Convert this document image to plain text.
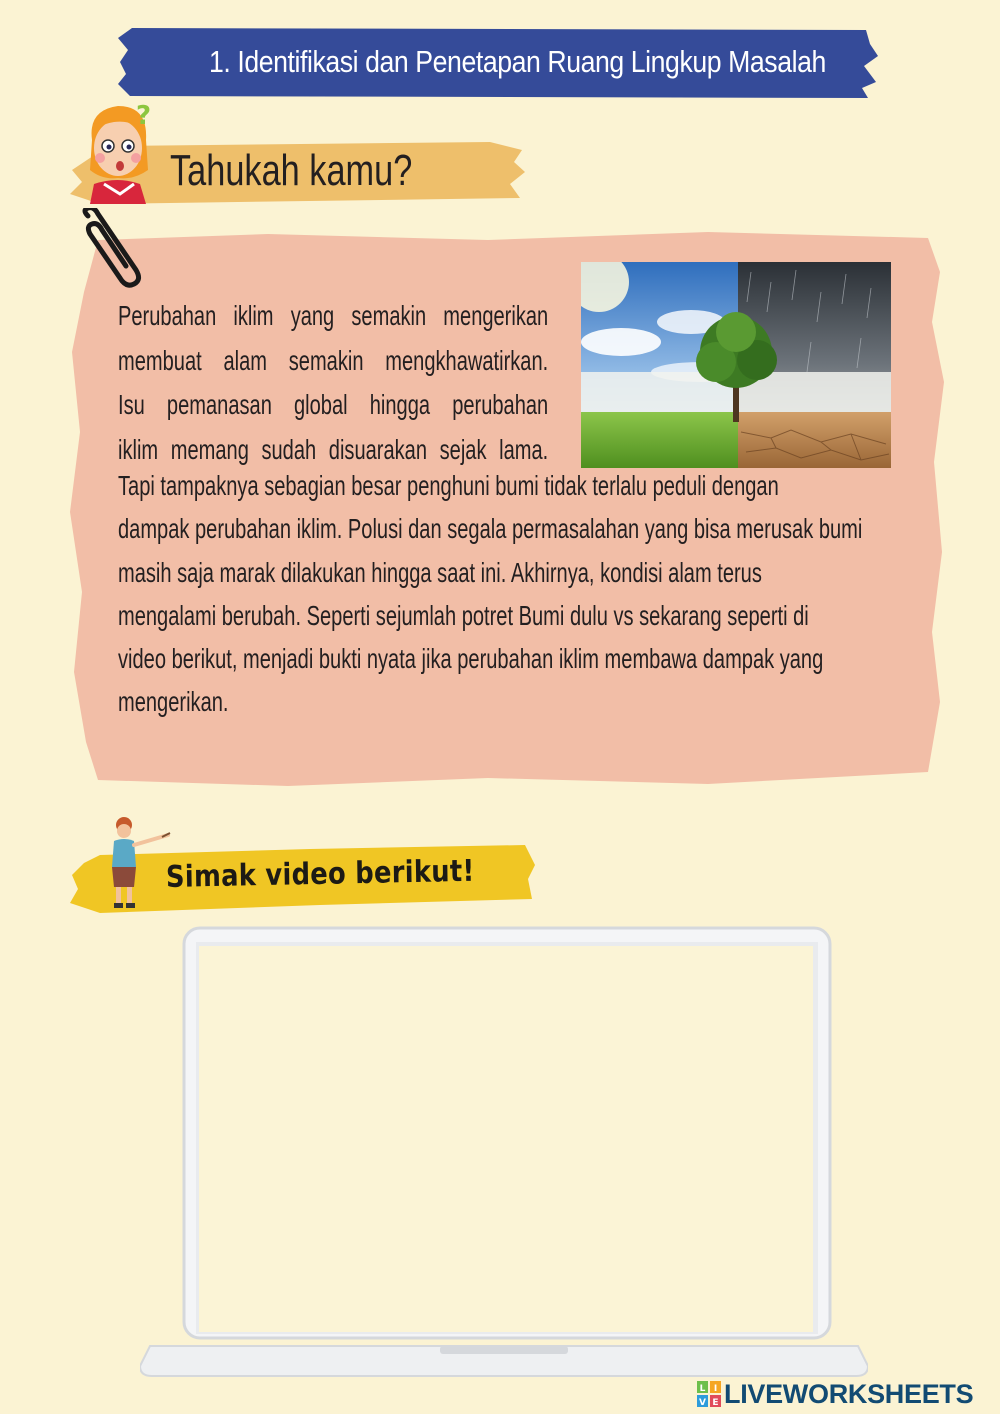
1. Identifikasi dan Penetapan Ruang Lingkup Masalah
Tahukah kamu?
?
Perubahan iklim yang semakin mengerikan
membuat alam semakin mengkhawatirkan.
Isu pemanasan global hingga perubahan
iklim memang sudah disuarakan sejak lama.
Tapi tampaknya sebagian besar penghuni bumi tidak terlalu peduli dengan
dampak perubahan iklim. Polusi dan segala permasalahan yang bisa merusak bumi
masih saja marak dilakukan hingga saat ini. Akhirnya, kondisi alam terus
mengalami berubah. Seperti sejumlah potret Bumi dulu vs sekarang seperti di
video berikut, menjadi bukti nyata jika perubahan iklim membawa dampak yang
mengerikan.
Simak video berikut!
L I
V E LIVEWORKSHEETS
